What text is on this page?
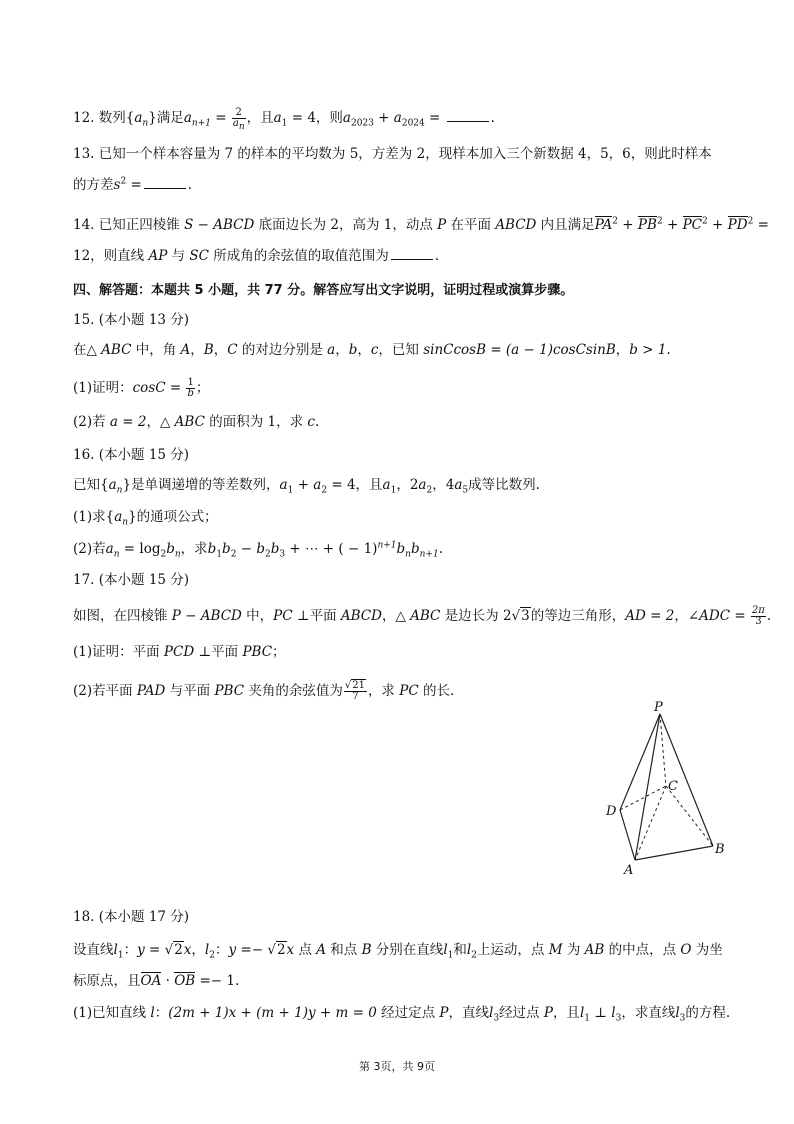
12. 数列$\{a_n\}$满足$a_{n+1} = \frac{2}{a_n}$ ，且$a_1 = 4$，则$a_{2023} + a_{2024}$ =	.
13. 已知一个样本容量为 7 的样本的平均数为 5，方差为 2，现样本加入三个新数据 4，5，6，则此时样本
的方差$s^2$ =	.
14. 已知正四棱锥 S − ABCD 底面边长为 2，高为 1，动点 P 在平面 ABCD 内且满足$PA^2 + PB^2 + PC^2 + PD^2$ =
12，则直线 AP 与 SC 所成角的余弦值的取值范围为	.
四、解答题：本题共 5 小题，共 77 分。解答应写出文字说明，证明过程或演算步骤。
15. (本小题 13 分)
在△ ABC 中，角 A，B，C 的对边分别是 a，b，c，已知 sinCcosB = (a − 1)cosCsinB，b > 1.
(1)证明：$\cos C = \frac{1}{b}$ ；
(2)若 a = 2，△ ABC 的面积为 1，求 c.
16. (本小题 15 分)
已知$\{a_n\}$是单调递增的等差数列，$a_1 + a_2 = 4$，且$a_1$，$2a_2$，$4a_5$成等比数列.
(1)求$\{a_n\}$的通项公式；
(2)若$a_n = \log_2b_n$，求$b_1b_2 - b_2b_3$ + ⋯ + ( − $1)^{n+1}b_nb_{n+1}$.
17. (本小题 15 分)
如图，在四棱锥 P − ABCD 中，PC ⊥平面 ABCD，△ ABC 是边长为 2√3的等边三角形，AD = 2，∠ADC = $\frac{2\pi}{3}$ .
(1)证明：平面 PCD ⊥平面 PBC；
(2)若平面 PAD 与平面 PBC 夹角的余弦值为 $\frac{√21}{7}$ ，求 PC 的长.
P
C
D
B
A
18. (本小题 17 分)
设直线$l_1$：y = √2x，$l_2$：y =− √2x 点 A 和点 B 分别在直线$l_1$和$l_2$上运动，点 M 为 AB 的中点，点 O 为坐
标原点，且OA · OB =− 1.
(1)已知直线 l：(2m + 1)x + (m + 1)y + m = 0 经过定点 P，直线$l_3$经过点 P，且$l_1$ ⊥ $l_3$，求直线$l_3$的方程.
第 3页，共 9页
